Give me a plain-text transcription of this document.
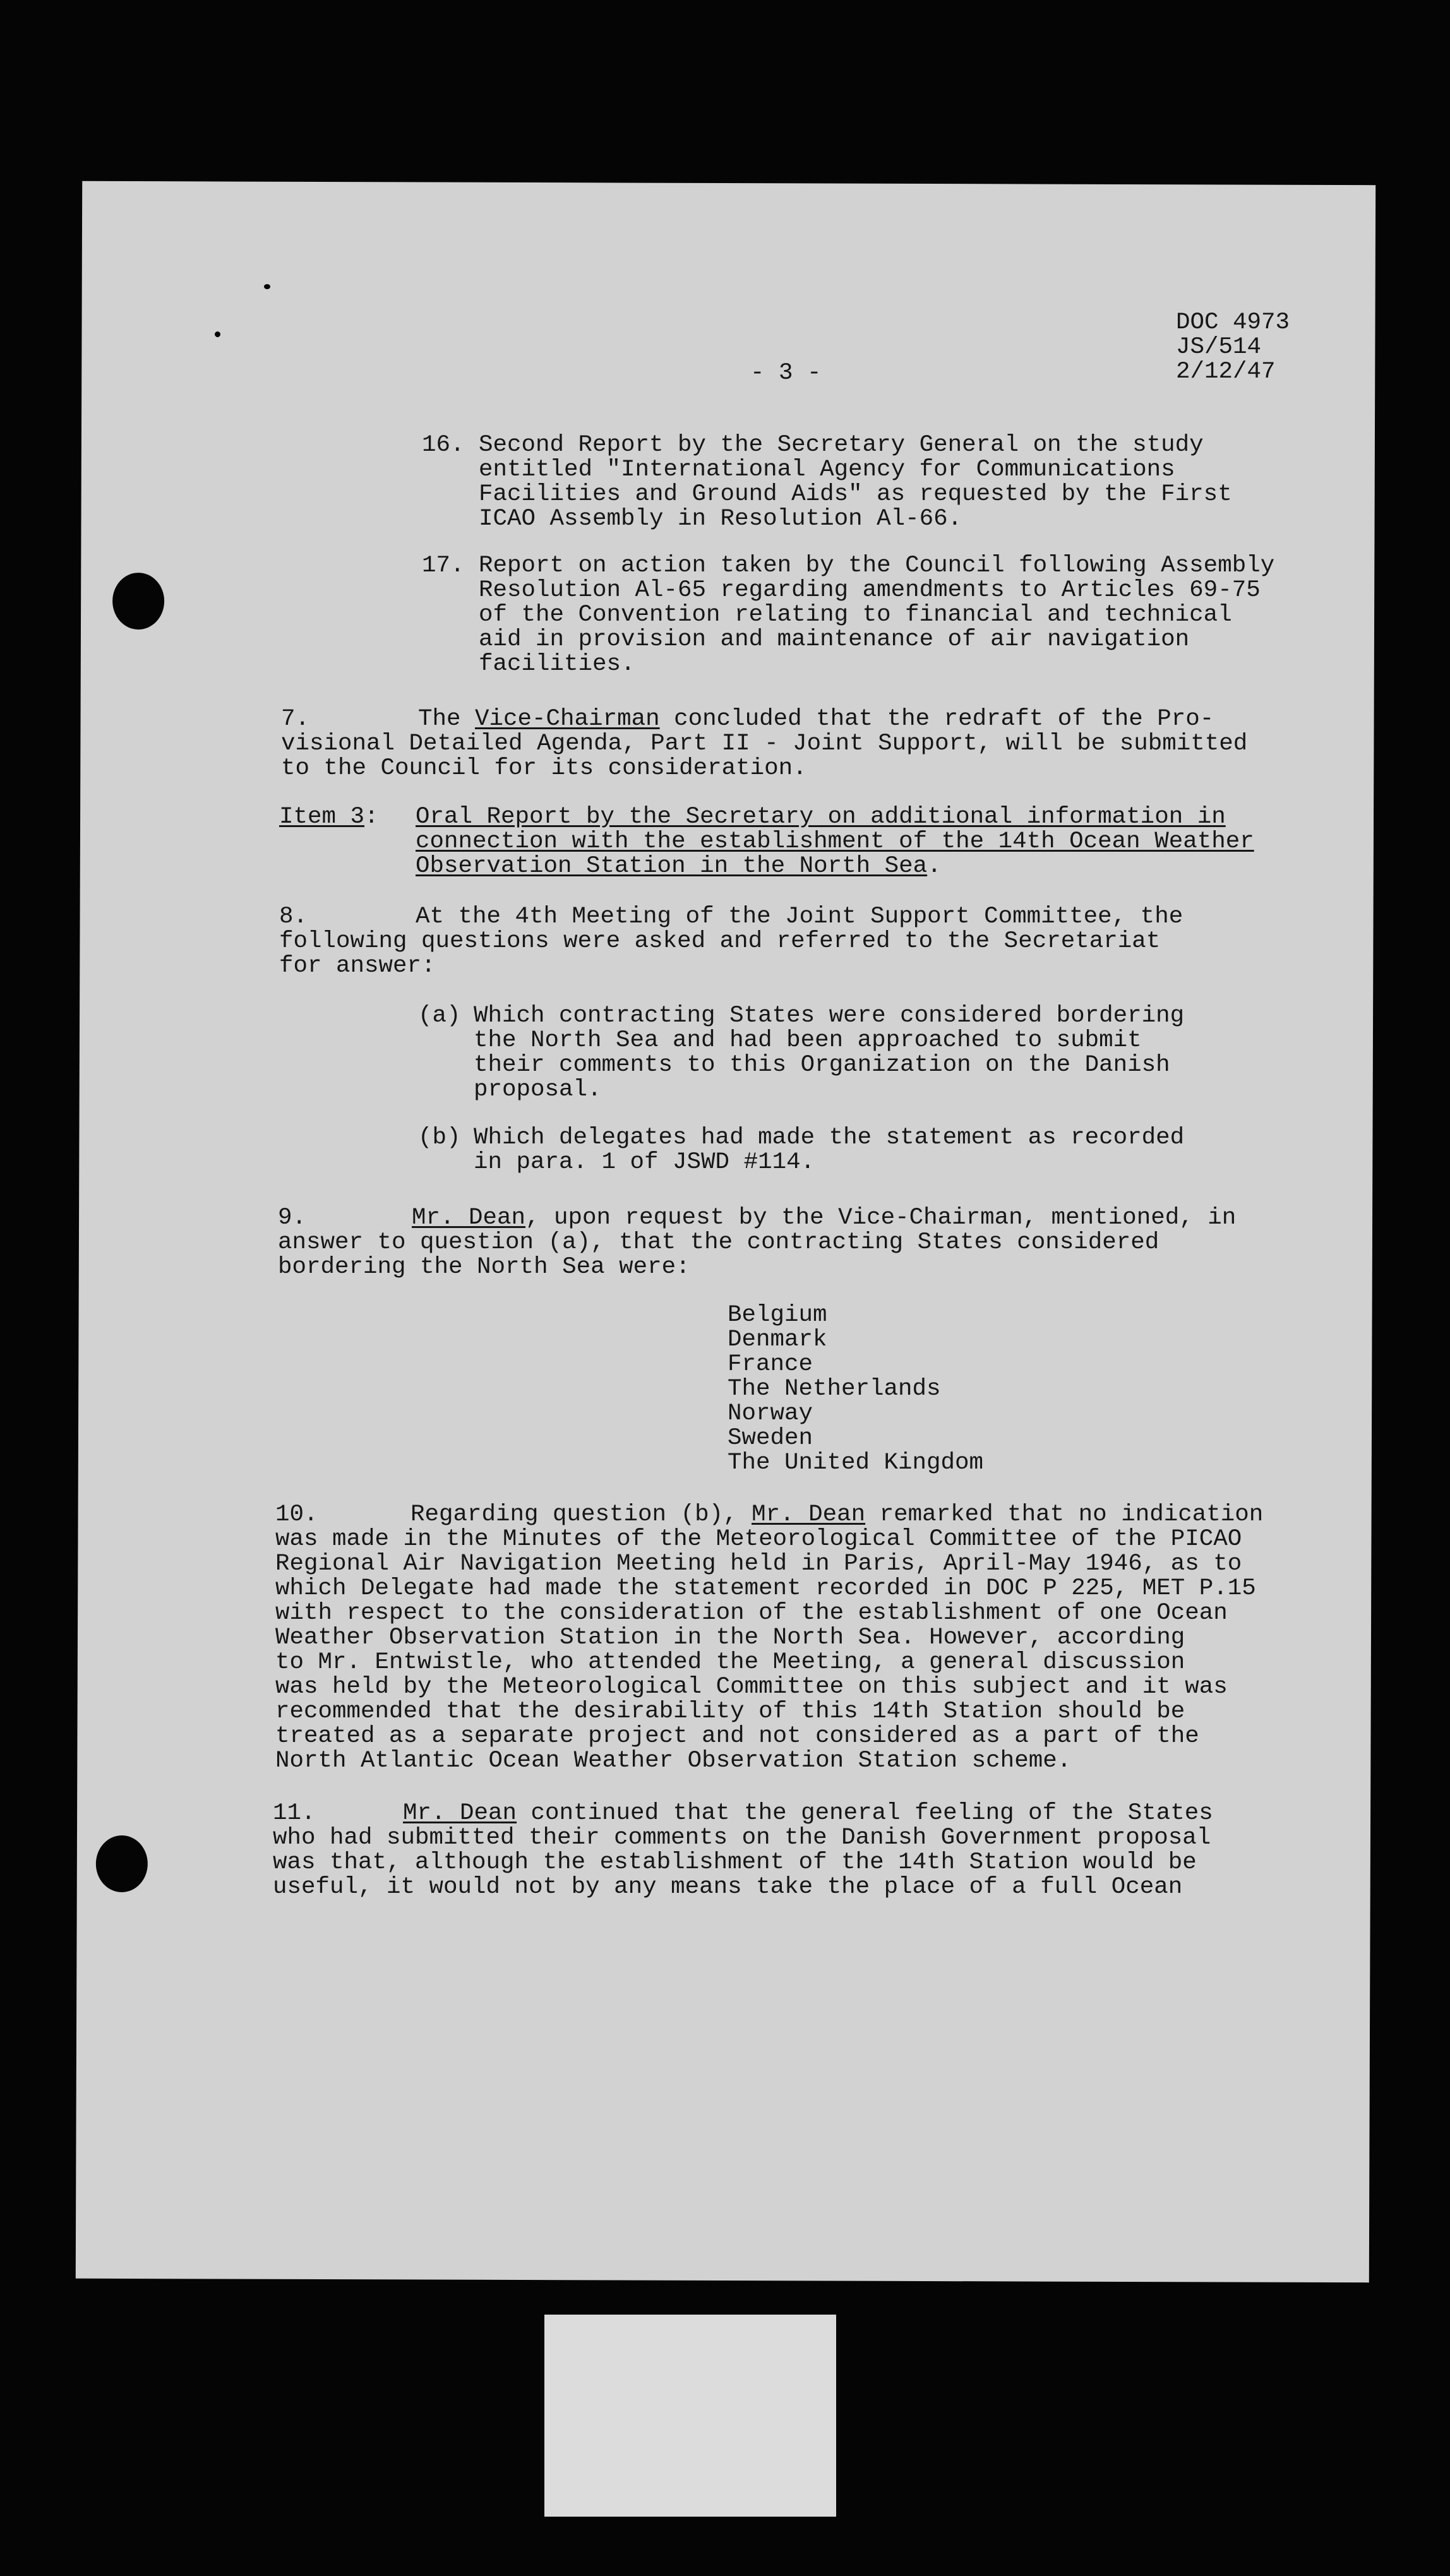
DOC 4973
JS/514
2/12/47

- 3 -

16. Second Report by the Secretary General on the study
entitled "International Agency for Communications
Facilities and Ground Aids" as requested by the First
ICAO Assembly in Resolution Al-66.

17. Report on action taken by the Council following Assembly
Resolution Al-65 regarding amendments to Articles 69-75
of the Convention relating to financial and technical
aid in provision and maintenance of air navigation
facilities.

7.	The Vice-Chairman concluded that the redraft of the Pro-

visional Detailed Agenda, Part II - Joint Support, will be submitted
to the Council for its consideration.

Item 3: Oral Report by the Secretary on additional information in
connection with the establishment of the 14th Ocean Weather
Observation Station in the North Sea.

8.	At the 4th Meeting of the Joint Support Committee, the

following questions were asked and referred to the Secretariat
for answer:

(a) Which contracting States were considered bordering
the North Sea and had been approached to submit
their comments to this Organization on the Danish
proposal.

(b) Which delegates had made the statement as recorded
in para. 1 of JSWD #114.

9.	Mr. Dean, upon request by the Vice-Chairman, mentioned, in

answer to question (a), that the contracting States considered
bordering the North Sea were:
Belgium
Denmark
France
The Netherlands
Norway
Sweden
The United Kingdom

10.	Regarding question (b), Mr. Dean remarked that no indication

was made in the Minutes of the Meteorological Committee of the PICAO
Regional Air Navigation Meeting held in Paris, April-May 1946, as to
which Delegate had made the statement recorded in DOC P 225, MET P.15
with respect to the consideration of the establishment of one Ocean
Weather Observation Station in the North Sea. However, according
to Mr. Entwistle, who attended the Meeting, a general discussion
was held by the Meteorological Committee on this subject and it was
recommended that the desirability of this 14th Station should be
treated as a separate project and not considered as a part of the
North Atlantic Ocean Weather Observation Station scheme.

11.	Mr. Dean continued that the general feeling of the States

who had submitted their comments on the Danish Government proposal
was that, although the establishment of the 14th Station would be
useful, it would not by any means take the place of a full Ocean
